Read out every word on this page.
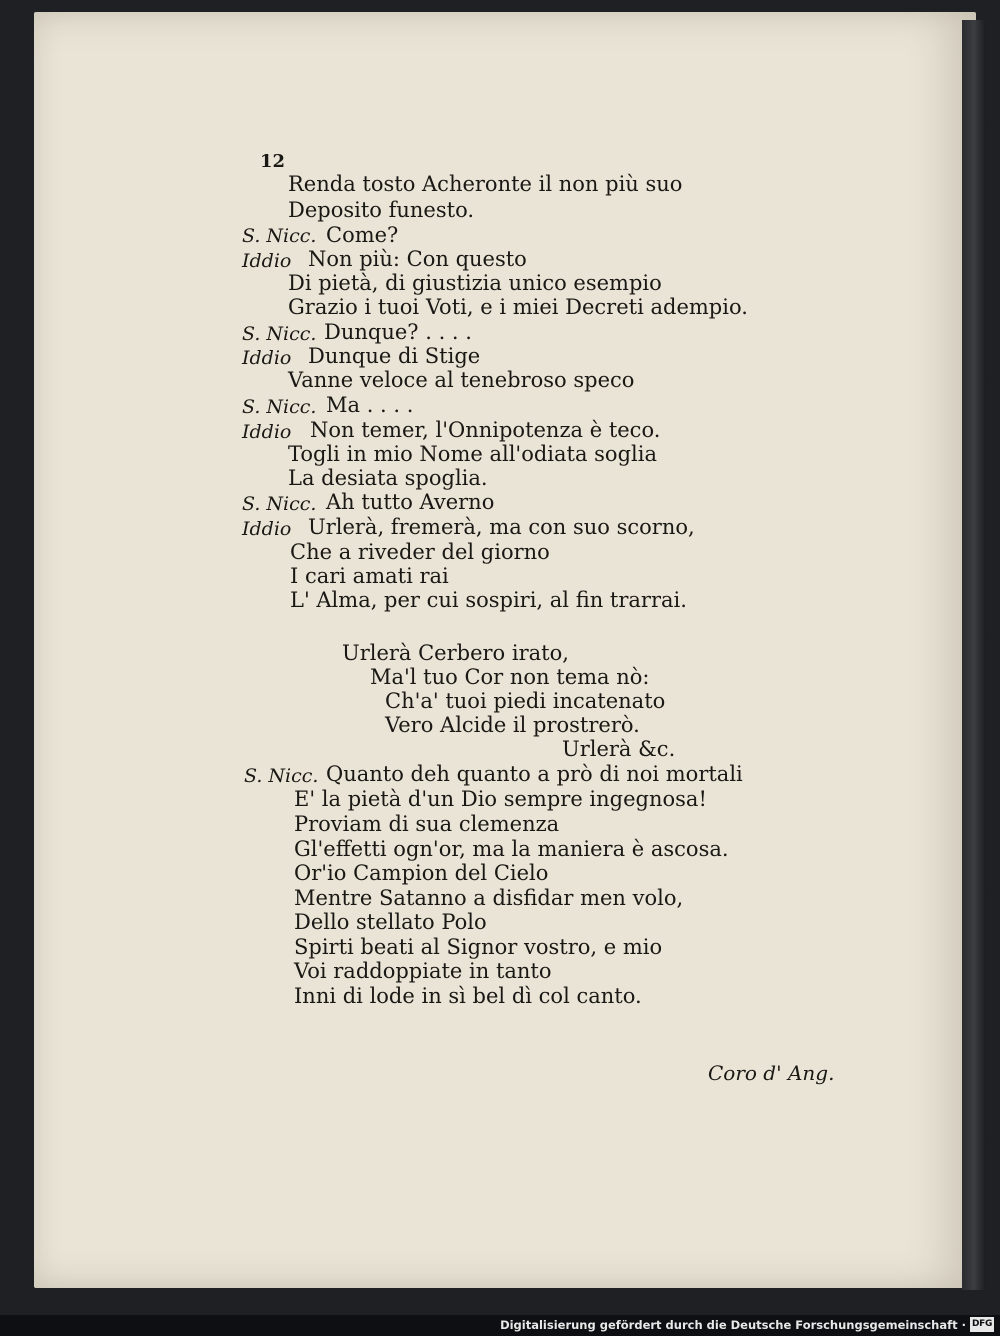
12
Renda tosto Acheronte il non più suo
Deposito funesto.
S. Nicc. Come?
Iddio Non più: Con questo
Di pietà, di giustizia unico esempio
Grazio i tuoi Voti, e i miei Decreti adempio.
S. Nicc. Dunque? . . . .
Iddio Dunque di Stige
Vanne veloce al tenebroso speco
S. Nicc. Ma . . . .
Iddio Non temer, l'Onnipotenza è teco.
Togli in mio Nome all'odiata soglia
La desiata spoglia.
S. Nicc. Ah tutto Averno
Iddio Urlerà, fremerà, ma con suo scorno,
Che a riveder del giorno
I cari amati rai
L' Alma, per cui sospiri, al fin trarrai.
Urlerà Cerbero irato,
Ma'l tuo Cor non tema nò:
Ch'a' tuoi piedi incatenato
Vero Alcide il prostrerò.
Urlerà &c.
S. Nicc. Quanto deh quanto a prò di noi mortali
E' la pietà d'un Dio sempre ingegnosa!
Proviam di sua clemenza
Gl'effetti ogn'or, ma la maniera è ascosa.
Or'io Campion del Cielo
Mentre Satanno a disfidar men volo,
Dello stellato Polo
Spirti beati al Signor vostro, e mio
Voi raddoppiate in tanto
Inni di lode in sì bel dì col canto.
Coro d' Ang.
Digitalisierung gefördert durch die Deutsche Forschungsgemeinschaft · DFG
